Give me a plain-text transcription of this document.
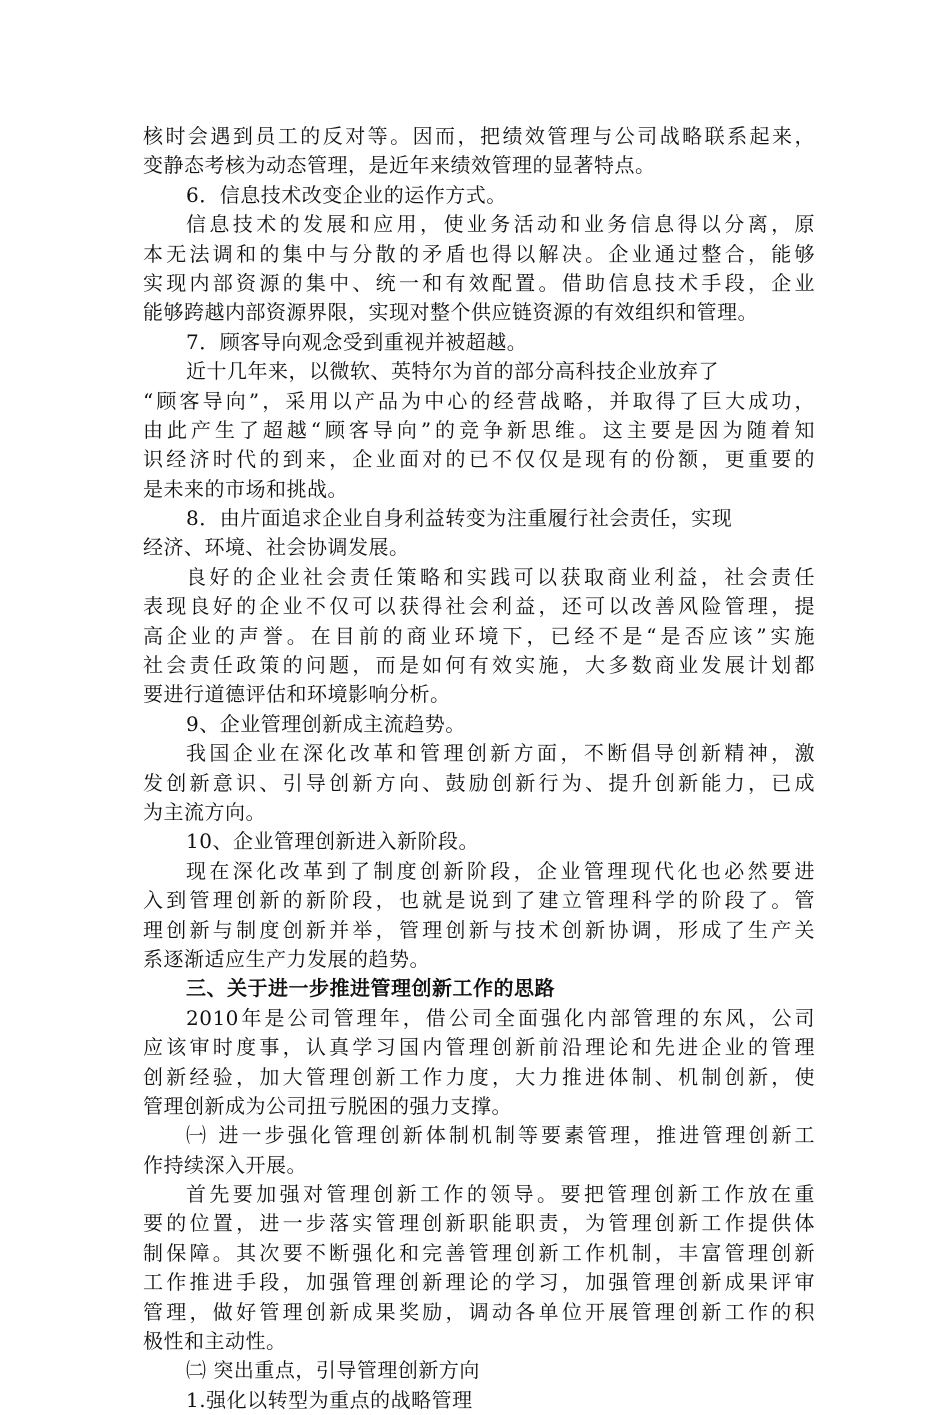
核时会遇到员工的反对等。因而，把绩效管理与公司战略联系起来，
变静态考核为动态管理，是近年来绩效管理的显著特点。
6．信息技术改变企业的运作方式。
信息技术的发展和应用，使业务活动和业务信息得以分离，原
本无法调和的集中与分散的矛盾也得以解决。企业通过整合，能够
实现内部资源的集中、统一和有效配置。借助信息技术手段，企业
能够跨越内部资源界限，实现对整个供应链资源的有效组织和管理。
7．顾客导向观念受到重视并被超越。
近十几年来，以微软、英特尔为首的部分高科技企业放弃了
“顾客导向”，采用以产品为中心的经营战略，并取得了巨大成功，
由此产生了超越“顾客导向”的竞争新思维。这主要是因为随着知
识经济时代的到来，企业面对的已不仅仅是现有的份额，更重要的
是未来的市场和挑战。
8．由片面追求企业自身利益转变为注重履行社会责任，实现
经济、环境、社会协调发展。
良好的企业社会责任策略和实践可以获取商业利益，社会责任
表现良好的企业不仅可以获得社会利益，还可以改善风险管理，提
高企业的声誉。在目前的商业环境下，已经不是“是否应该”实施
社会责任政策的问题，而是如何有效实施，大多数商业发展计划都
要进行道德评估和环境影响分析。
9、企业管理创新成主流趋势。
我国企业在深化改革和管理创新方面，不断倡导创新精神，激
发创新意识、引导创新方向、鼓励创新行为、提升创新能力，已成
为主流方向。
10、企业管理创新进入新阶段。
现在深化改革到了制度创新阶段，企业管理现代化也必然要进
入到管理创新的新阶段，也就是说到了建立管理科学的阶段了。管
理创新与制度创新并举，管理创新与技术创新协调，形成了生产关
系逐渐适应生产力发展的趋势。
三、关于进一步推进管理创新工作的思路
2010年是公司管理年，借公司全面强化内部管理的东风，公司
应该审时度事，认真学习国内管理创新前沿理论和先进企业的管理
创新经验，加大管理创新工作力度，大力推进体制、机制创新，使
管理创新成为公司扭亏脱困的强力支撑。
㈠ 进一步强化管理创新体制机制等要素管理，推进管理创新工
作持续深入开展。
首先要加强对管理创新工作的领导。要把管理创新工作放在重
要的位置，进一步落实管理创新职能职责，为管理创新工作提供体
制保障。其次要不断强化和完善管理创新工作机制，丰富管理创新
工作推进手段，加强管理创新理论的学习，加强管理创新成果评审
管理，做好管理创新成果奖励，调动各单位开展管理创新工作的积
极性和主动性。
㈡ 突出重点，引导管理创新方向
1.强化以转型为重点的战略管理
